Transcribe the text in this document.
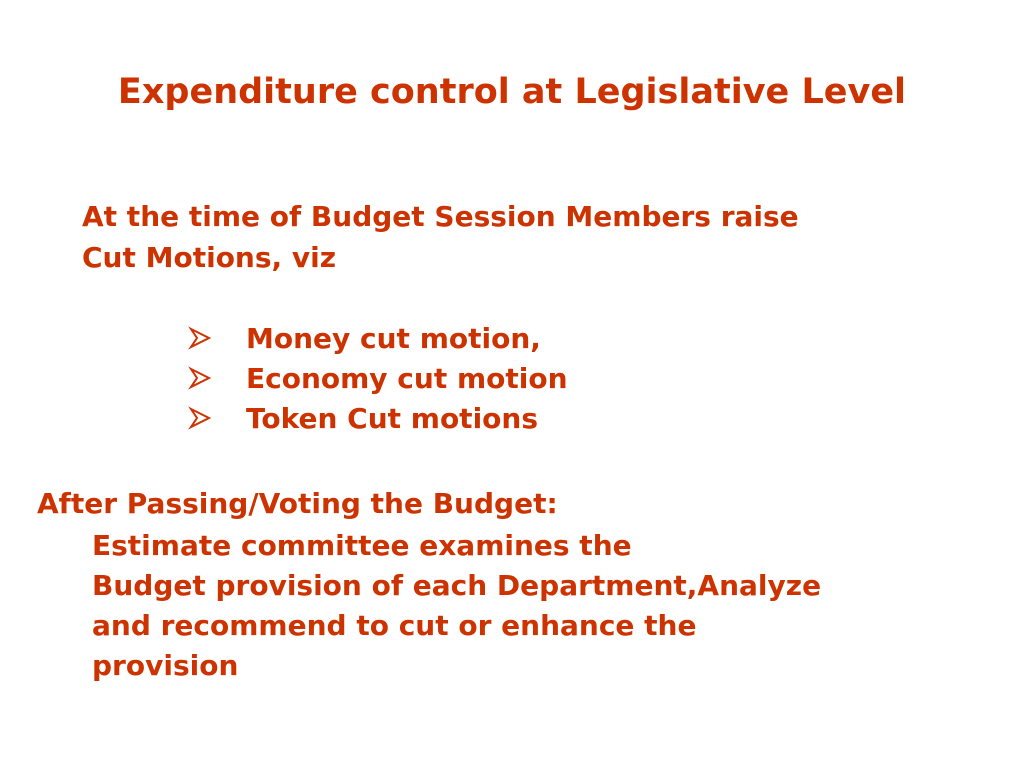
Expenditure control at Legislative Level
At the time of Budget Session Members raise
Cut Motions, viz
Money cut motion,
Economy cut motion
Token Cut motions
After Passing/Voting the Budget:
Estimate committee examines the
Budget provision of each Department,Analyze
and recommend to cut or enhance the
provision
